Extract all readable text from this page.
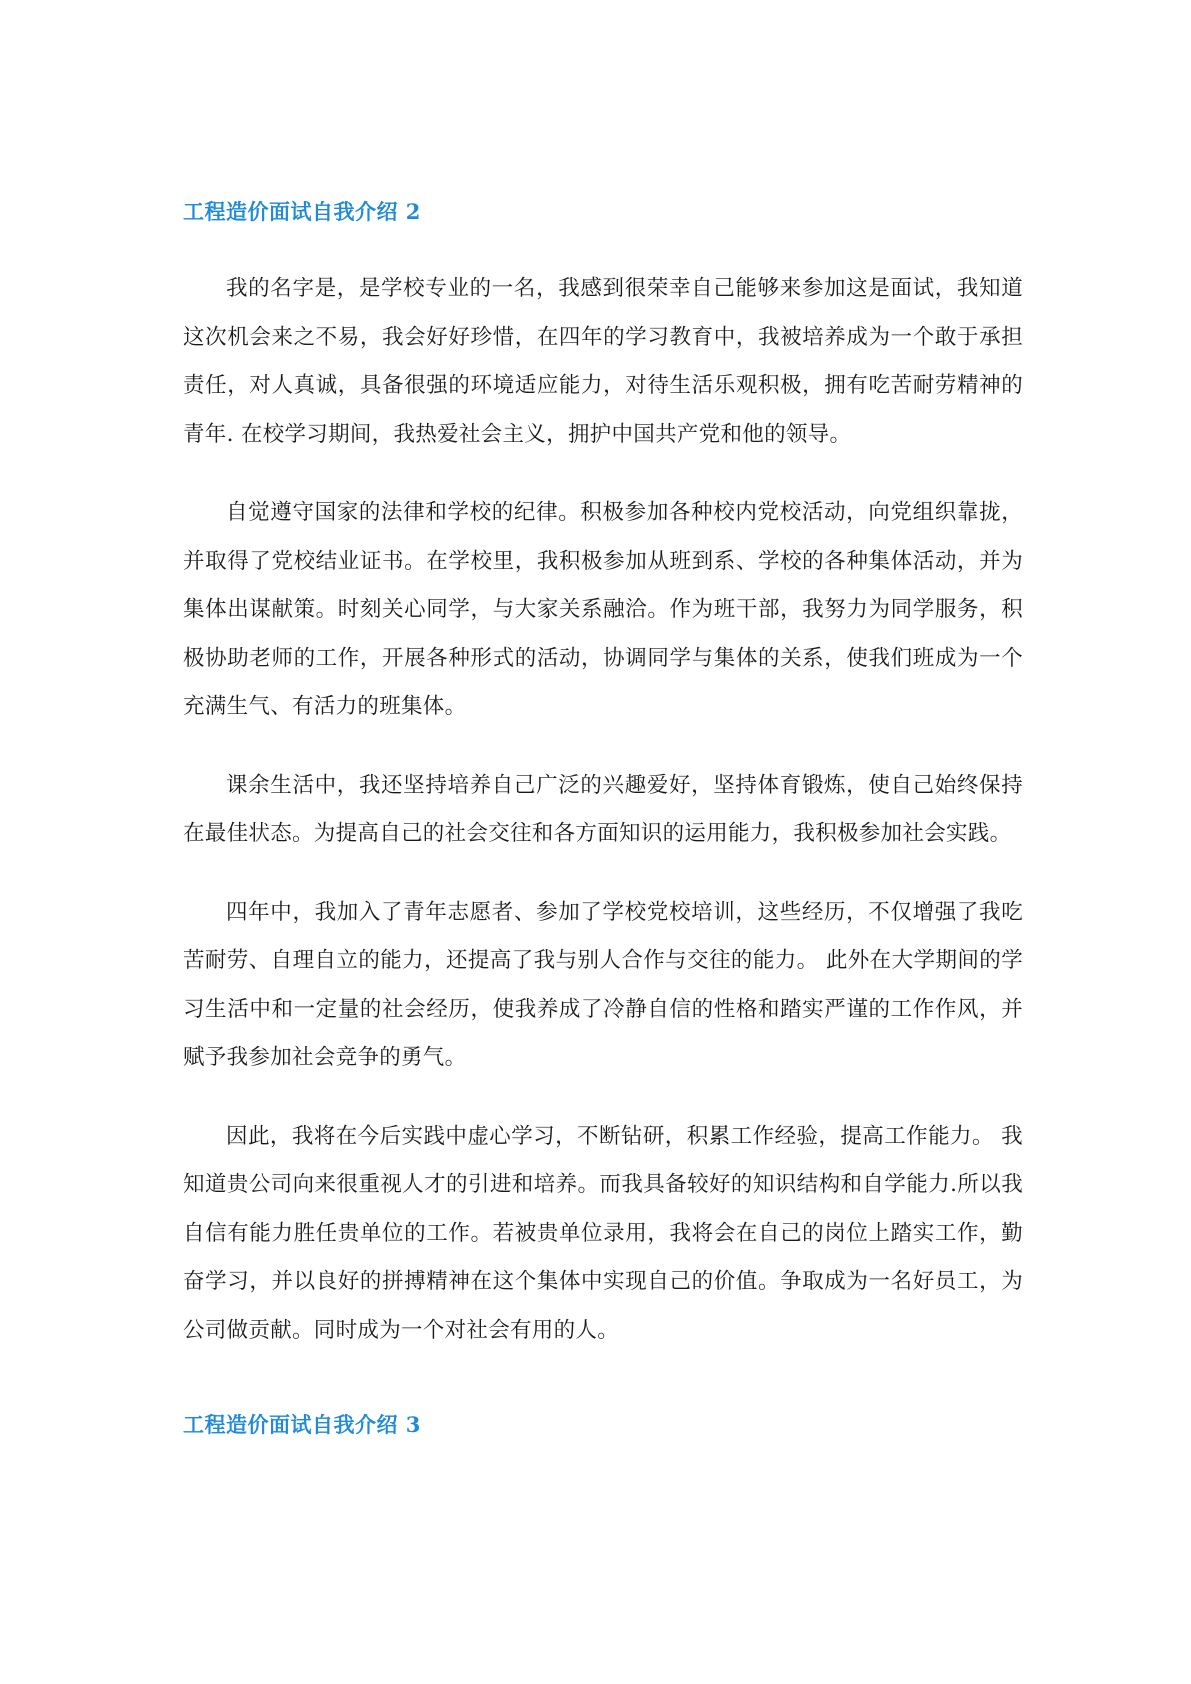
工程造价面试自我介绍 2

我的名字是，是学校专业的一名，我感到很荣幸自己能够来参加这是面试，我知道这次机会来之不易，我会好好珍惜，在四年的学习教育中，我被培养成为一个敢于承担责任，对人真诚，具备很强的环境适应能力，对待生活乐观积极，拥有吃苦耐劳精神的青年. 在校学习期间，我热爱社会主义，拥护中国共产党和他的领导。

自觉遵守国家的法律和学校的纪律。积极参加各种校内党校活动，向党组织靠拢，并取得了党校结业证书。在学校里，我积极参加从班到系、学校的各种集体活动，并为集体出谋献策。时刻关心同学，与大家关系融洽。作为班干部，我努力为同学服务，积极协助老师的工作，开展各种形式的活动，协调同学与集体的关系，使我们班成为一个充满生气、有活力的班集体。

课余生活中，我还坚持培养自己广泛的兴趣爱好，坚持体育锻炼，使自己始终保持在最佳状态。为提高自己的社会交往和各方面知识的运用能力，我积极参加社会实践。

四年中，我加入了青年志愿者、参加了学校党校培训，这些经历，不仅增强了我吃苦耐劳、自理自立的能力，还提高了我与别人合作与交往的能力。 此外在大学期间的学习生活中和一定量的社会经历，使我养成了冷静自信的性格和踏实严谨的工作作风，并赋予我参加社会竞争的勇气。

因此，我将在今后实践中虚心学习，不断钻研，积累工作经验，提高工作能力。 我知道贵公司向来很重视人才的引进和培养。而我具备较好的知识结构和自学能力.所以我自信有能力胜任贵单位的工作。若被贵单位录用，我将会在自己的岗位上踏实工作，勤奋学习，并以良好的拼搏精神在这个集体中实现自己的价值。争取成为一名好员工，为公司做贡献。同时成为一个对社会有用的人。

工程造价面试自我介绍 3
